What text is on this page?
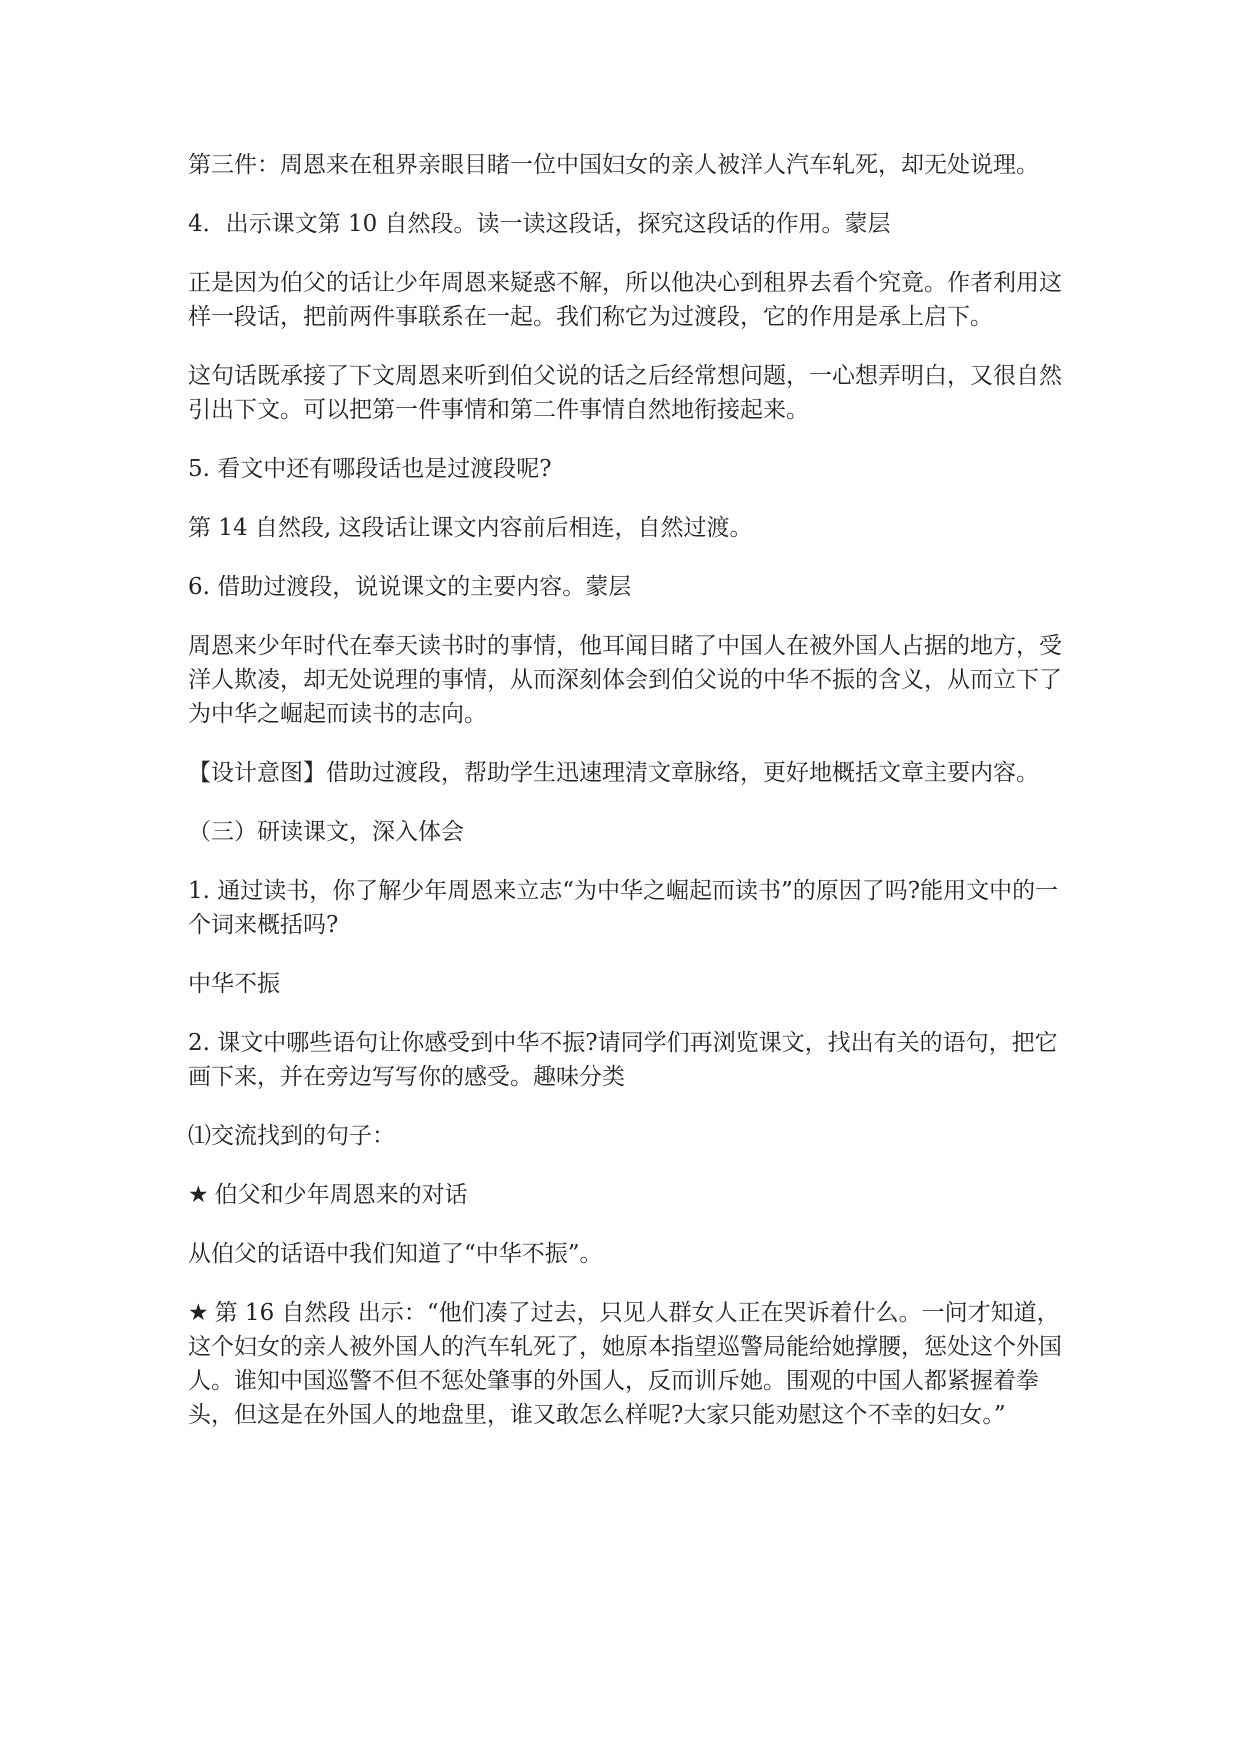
第三件：周恩来在租界亲眼目睹一位中国妇女的亲人被洋人汽车轧死，却无处说理。

4．出示课文第 10 自然段。读一读这段话，探究这段话的作用。蒙层

正是因为伯父的话让少年周恩来疑惑不解，所以他决心到租界去看个究竟。作者利用这样一段话，把前两件事联系在一起。我们称它为过渡段，它的作用是承上启下。

这句话既承接了下文周恩来听到伯父说的话之后经常想问题，一心想弄明白，又很自然引出下文。可以把第一件事情和第二件事情自然地衔接起来。

5. 看文中还有哪段话也是过渡段呢?

第 14 自然段, 这段话让课文内容前后相连，自然过渡。

6. 借助过渡段，说说课文的主要内容。蒙层

周恩来少年时代在奉天读书时的事情，他耳闻目睹了中国人在被外国人占据的地方，受洋人欺凌，却无处说理的事情，从而深刻体会到伯父说的中华不振的含义，从而立下了为中华之崛起而读书的志向。

【设计意图】借助过渡段，帮助学生迅速理清文章脉络，更好地概括文章主要内容。

（三）研读课文，深入体会

1. 通过读书，你了解少年周恩来立志“为中华之崛起而读书”的原因了吗?能用文中的一个词来概括吗?

中华不振

2. 课文中哪些语句让你感受到中华不振?请同学们再浏览课文，找出有关的语句，把它画下来，并在旁边写写你的感受。趣味分类

⑴交流找到的句子：

★ 伯父和少年周恩来的对话

从伯父的话语中我们知道了“中华不振”。

★ 第 16 自然段 出示：“他们凑了过去，只见人群女人正在哭诉着什么。一问才知道，这个妇女的亲人被外国人的汽车轧死了，她原本指望巡警局能给她撑腰，惩处这个外国人。谁知中国巡警不但不惩处肇事的外国人，反而训斥她。围观的中国人都紧握着拳头，但这是在外国人的地盘里，谁又敢怎么样呢?大家只能劝慰这个不幸的妇女。”
